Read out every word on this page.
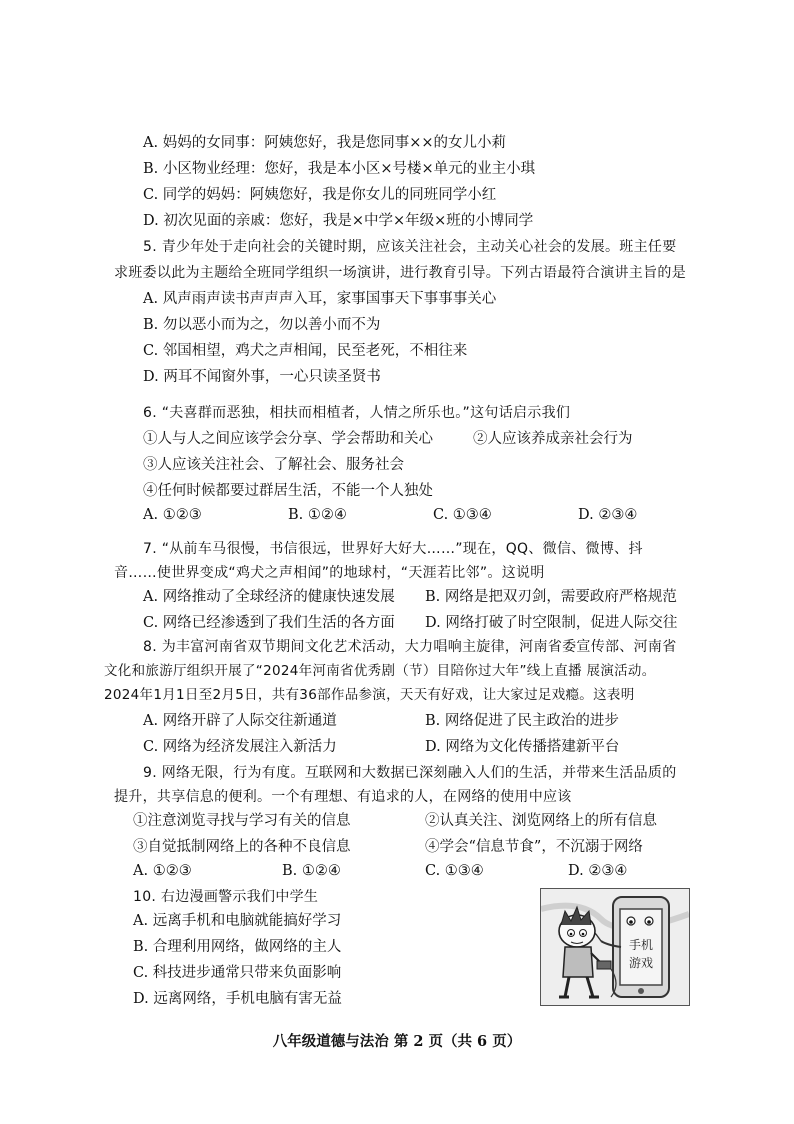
A. 妈妈的女同事：阿姨您好，我是您同事××的女儿小莉
B. 小区物业经理：您好，我是本小区×号楼×单元的业主小琪
C. 同学的妈妈：阿姨您好，我是你女儿的同班同学小红
D. 初次见面的亲戚：您好，我是×中学×年级×班的小博同学
5. 青少年处于走向社会的关键时期，应该关注社会，主动关心社会的发展。班主任要
求班委以此为主题给全班同学组织一场演讲，进行教育引导。下列古语最符合演讲主旨的是
A. 风声雨声读书声声声入耳，家事国事天下事事事关心
B. 勿以恶小而为之，勿以善小而不为
C. 邻国相望，鸡犬之声相闻，民至老死，不相往来
D. 两耳不闻窗外事，一心只读圣贤书
6. “夫喜群而恶独，相扶而相植者，人情之所乐也。”这句话启示我们
①人与人之间应该学会分享、学会帮助和关心	②人应该养成亲社会行为
③人应该关注社会、了解社会、服务社会
④任何时候都要过群居生活，不能一个人独处
A. ①②③	B. ①②④	C. ①③④	D. ②③④
7. “从前车马很慢，书信很远，世界好大好大……”现在，QQ、微信、微博、抖
音……使世界变成“鸡犬之声相闻”的地球村，“天涯若比邻”。这说明
A. 网络推动了全球经济的健康快速发展 B. 网络是把双刃剑，需要政府严格规范
C. 网络已经渗透到了我们生活的各方面 D. 网络打破了时空限制，促进人际交往
8. 为丰富河南省双节期间文化艺术活动，大力唱响主旋律，河南省委宣传部、河南省
文化和旅游厅组织开展了“2024年河南省优秀剧（节）目陪你过大年”线上直播 展演活动。
2024年1月1日至2月5日，共有36部作品参演，天天有好戏，让大家过足戏瘾。这表明
A. 网络开辟了人际交往新通道	B. 网络促进了民主政治的进步
C. 网络为经济发展注入新活力	D. 网络为文化传播搭建新平台
9. 网络无限，行为有度。互联网和大数据已深刻融入人们的生活，并带来生活品质的
提升，共享信息的便利。一个有理想、有追求的人，在网络的使用中应该
①注意浏览寻找与学习有关的信息	②认真关注、浏览网络上的所有信息
③自觉抵制网络上的各种不良信息	④学会“信息节食”，不沉溺于网络
A. ①②③	B. ①②④	C. ①③④	D. ②③④
10. 右边漫画警示我们中学生
A. 远离手机和电脑就能搞好学习
B. 合理利用网络，做网络的主人
C. 科技进步通常只带来负面影响
D. 远离网络，手机电脑有害无益
手机
游戏
八年级道德与法治 第 2 页（共 6 页）
